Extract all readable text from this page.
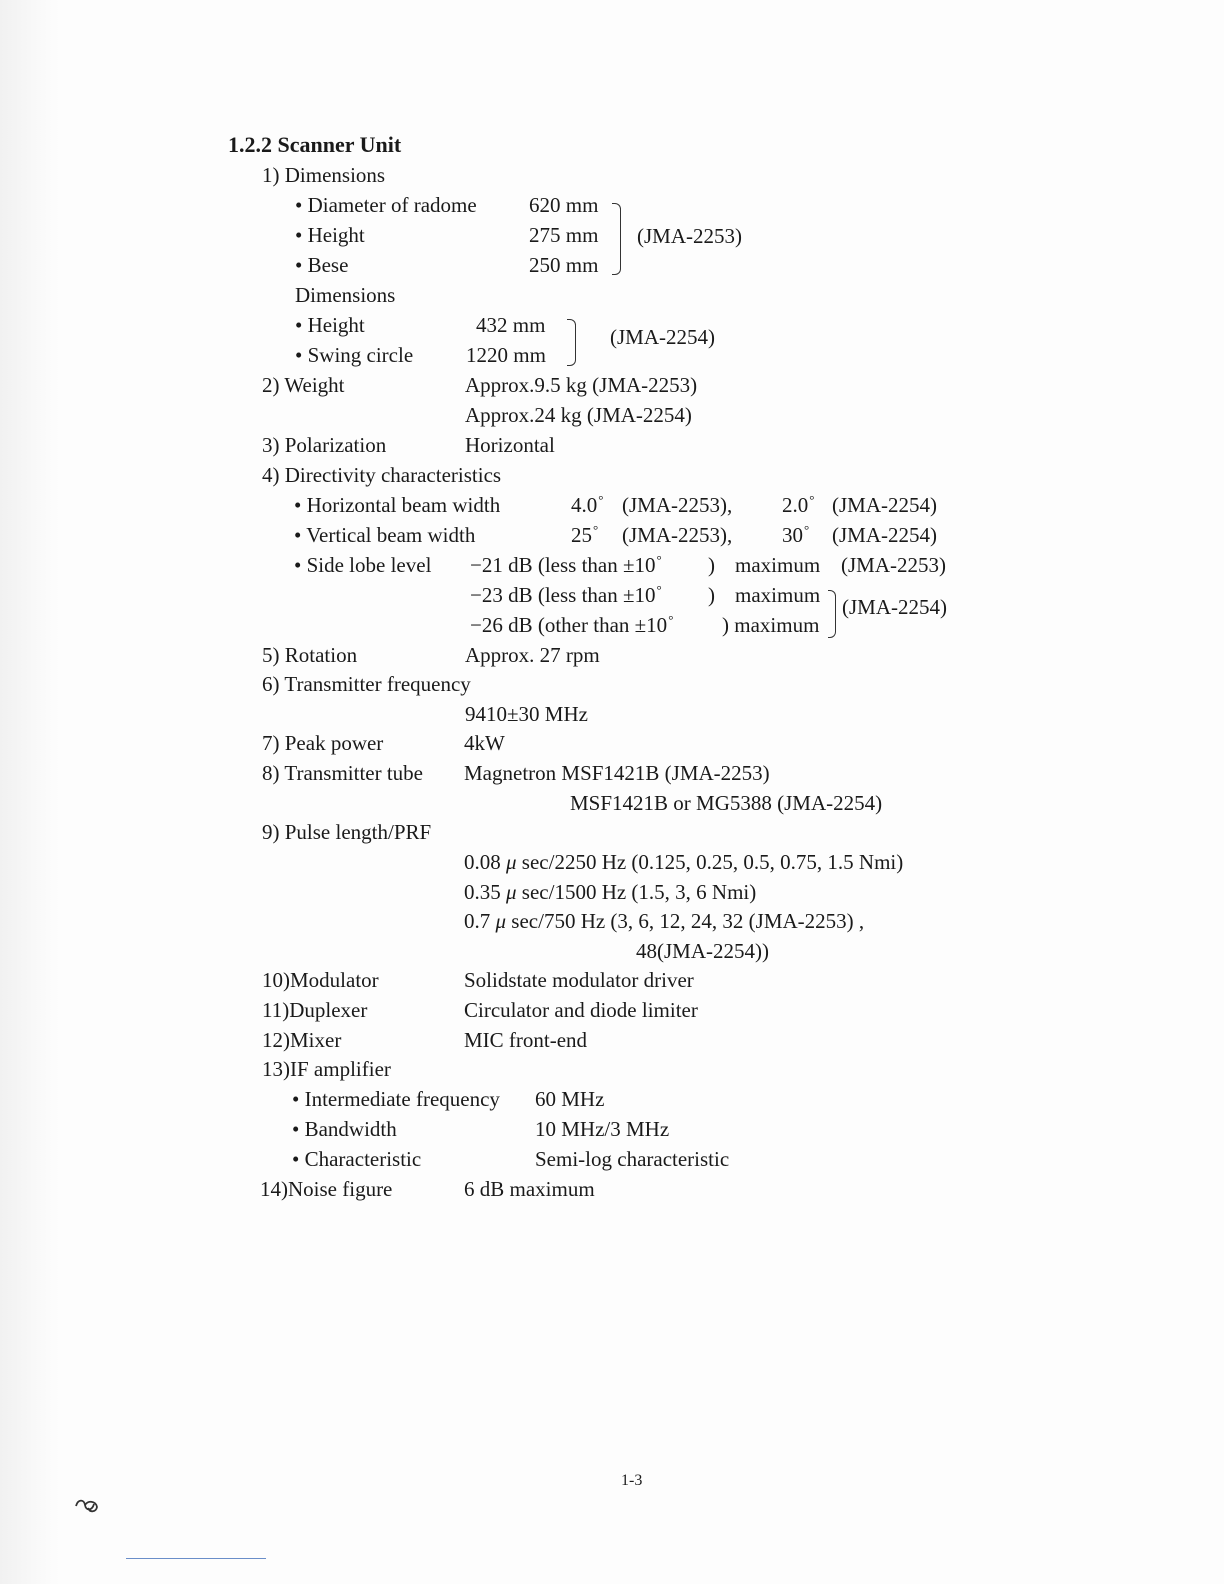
1.2.2 Scanner Unit
1) Dimensions
• Diameter of radome 620 mm
• Height	275 mm
• Bese	250 mm
(JMA-2253)
Dimensions
• Height	432 mm
• Swing circle	1220 mm
(JMA-2254)
2) Weight	Approx.9.5 kg (JMA-2253)
Approx.24 kg (JMA-2254)
3) Polarization	Horizontal
4) Directivity characteristics
• Horizontal beam width	4.0° (JMA-2253), 2.0° (JMA-2254)
• Vertical beam width	25° (JMA-2253), 30° (JMA-2254)
• Side lobe level −21 dB (less than ±10° ) maximum (JMA-2253)
−23 dB (less than ±10° ) maximum
−26 dB (other than ±10° ) maximum
(JMA-2254)
5) Rotation	Approx. 27 rpm
6) Transmitter frequency
9410±30 MHz
7) Peak power	4kW
8) Transmitter tube Magnetron MSF1421B (JMA-2253)
MSF1421B or MG5388 (JMA-2254)
9) Pulse length/PRF
0.08 μ sec/2250 Hz (0.125, 0.25, 0.5, 0.75, 1.5 Nmi)
0.35 μ sec/1500 Hz (1.5, 3, 6 Nmi)
0.7 μ sec/750 Hz (3, 6, 12, 24, 32 (JMA-2253) ,
48(JMA-2254))
10)Modulator	Solidstate modulator driver
11)Duplexer	Circulator and diode limiter
12)Mixer	MIC front-end
13)IF amplifier
• Intermediate frequency 60 MHz
• Bandwidth	10 MHz/3 MHz
• Characteristic	Semi-log characteristic
14)Noise figure	6 dB maximum
1-3
